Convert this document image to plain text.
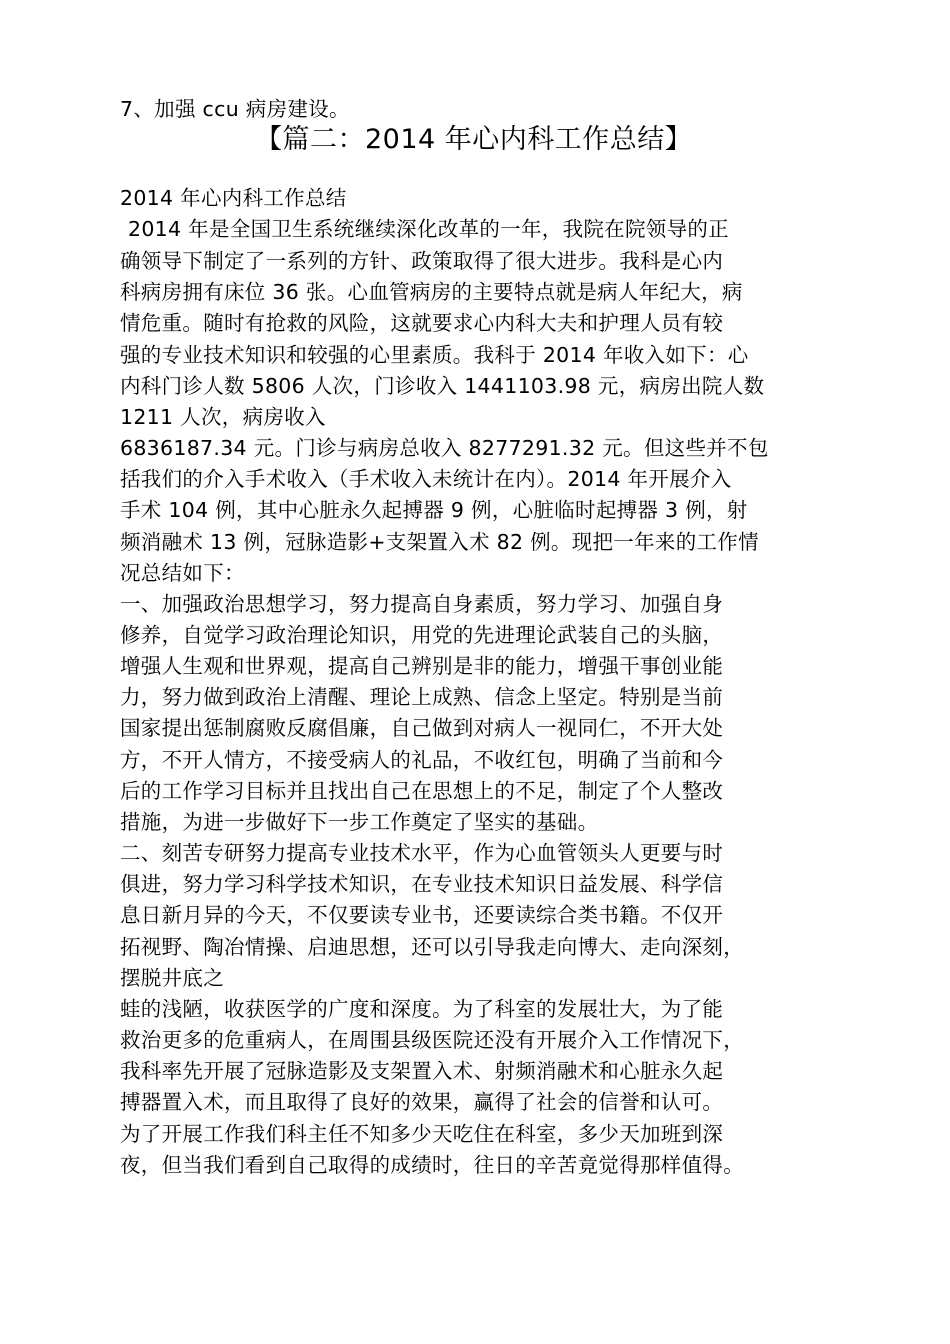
7、加强 ccu 病房建设。
【篇二：2014 年心内科工作总结】
2014 年心内科工作总结
2014 年是全国卫生系统继续深化改革的一年，我院在院领导的正
确领导下制定了一系列的方针、政策取得了很大进步。我科是心内
科病房拥有床位 36 张。心血管病房的主要特点就是病人年纪大，病
情危重。随时有抢救的风险，这就要求心内科大夫和护理人员有较
强的专业技术知识和较强的心里素质。我科于 2014 年收入如下：心
内科门诊人数 5806 人次，门诊收入 1441103.98 元，病房出院人数
1211 人次，病房收入
6836187.34 元。门诊与病房总收入 8277291.32 元。但这些并不包
括我们的介入手术收入（手术收入未统计在内）。2014 年开展介入
手术 104 例，其中心脏永久起搏器 9 例，心脏临时起搏器 3 例，射
频消融术 13 例，冠脉造影+支架置入术 82 例。现把一年来的工作情
况总结如下：
一、加强政治思想学习，努力提高自身素质，努力学习、加强自身
修养，自觉学习政治理论知识，用党的先进理论武装自己的头脑，
增强人生观和世界观，提高自己辨别是非的能力，增强干事创业能
力，努力做到政治上清醒、理论上成熟、信念上坚定。特别是当前
国家提出惩制腐败反腐倡廉，自己做到对病人一视同仁，不开大处
方，不开人情方，不接受病人的礼品，不收红包，明确了当前和今
后的工作学习目标并且找出自己在思想上的不足，制定了个人整改
措施，为进一步做好下一步工作奠定了坚实的基础。
二、刻苦专研努力提高专业技术水平，作为心血管领头人更要与时
俱进，努力学习科学技术知识，在专业技术知识日益发展、科学信
息日新月异的今天，不仅要读专业书，还要读综合类书籍。不仅开
拓视野、陶冶情操、启迪思想，还可以引导我走向博大、走向深刻，
摆脱井底之
蛙的浅陋，收获医学的广度和深度。为了科室的发展壮大，为了能
救治更多的危重病人，在周围县级医院还没有开展介入工作情况下，
我科率先开展了冠脉造影及支架置入术、射频消融术和心脏永久起
搏器置入术，而且取得了良好的效果，赢得了社会的信誉和认可。
为了开展工作我们科主任不知多少天吃住在科室，多少天加班到深
夜，但当我们看到自己取得的成绩时，往日的辛苦竟觉得那样值得。
